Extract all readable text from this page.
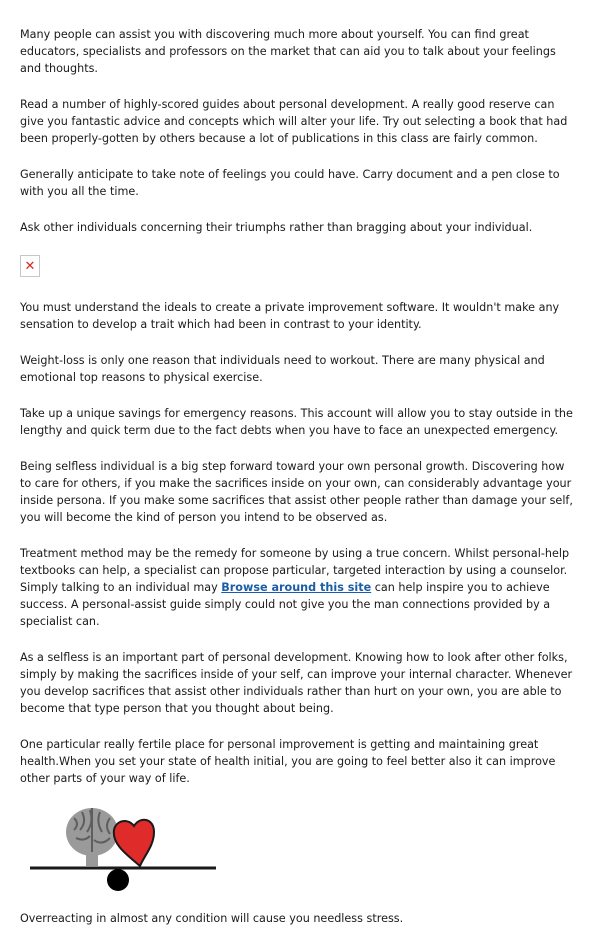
Many people can assist you with discovering much more about yourself. You can find great educators, specialists and professors on the market that can aid you to talk about your feelings and thoughts.

Read a number of highly-scored guides about personal development. A really good reserve can give you fantastic advice and concepts which will alter your life. Try out selecting a book that had been properly-gotten by others because a lot of publications in this class are fairly common.

Generally anticipate to take note of feelings you could have. Carry document and a pen close to with you all the time.

Ask other individuals concerning their triumphs rather than bragging about your individual.

✕

You must understand the ideals to create a private improvement software. It wouldn't make any sensation to develop a trait which had been in contrast to your identity.

Weight-loss is only one reason that individuals need to workout. There are many physical and emotional top reasons to physical exercise.

Take up a unique savings for emergency reasons. This account will allow you to stay outside in the lengthy and quick term due to the fact debts when you have to face an unexpected emergency.

Being selfless individual is a big step forward toward your own personal growth. Discovering how to care for others, if you make the sacrifices inside on your own, can considerably advantage your inside persona. If you make some sacrifices that assist other people rather than damage your self, you will become the kind of person you intend to be observed as.

Treatment method may be the remedy for someone by using a true concern. Whilst personal-help textbooks can help, a specialist can propose particular, targeted interaction by using a counselor. Simply talking to an individual may Browse around this site can help inspire you to achieve success. A personal-assist guide simply could not give you the man connections provided by a specialist can.

As a selfless is an important part of personal development. Knowing how to look after other folks, simply by making the sacrifices inside of your self, can improve your internal character. Whenever you develop sacrifices that assist other individuals rather than hurt on your own, you are able to become that type person that you thought about being.

One particular really fertile place for personal improvement is getting and maintaining great health.When you set your state of health initial, you are going to feel better also it can improve other parts of your way of life.

Overreacting in almost any condition will cause you needless stress.
